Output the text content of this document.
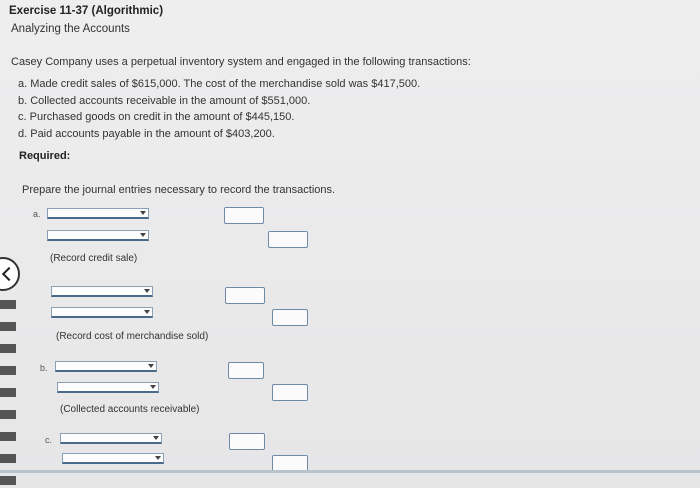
Exercise 11-37 (Algorithmic)
Analyzing the Accounts
Casey Company uses a perpetual inventory system and engaged in the following transactions:
a. Made credit sales of $615,000. The cost of the merchandise sold was $417,500.
b. Collected accounts receivable in the amount of $551,000.
c. Purchased goods on credit in the amount of $445,150.
d. Paid accounts payable in the amount of $403,200.
Required:
Prepare the journal entries necessary to record the transactions.
a.
(Record credit sale)
(Record cost of merchandise sold)
b.
(Collected accounts receivable)
c.
